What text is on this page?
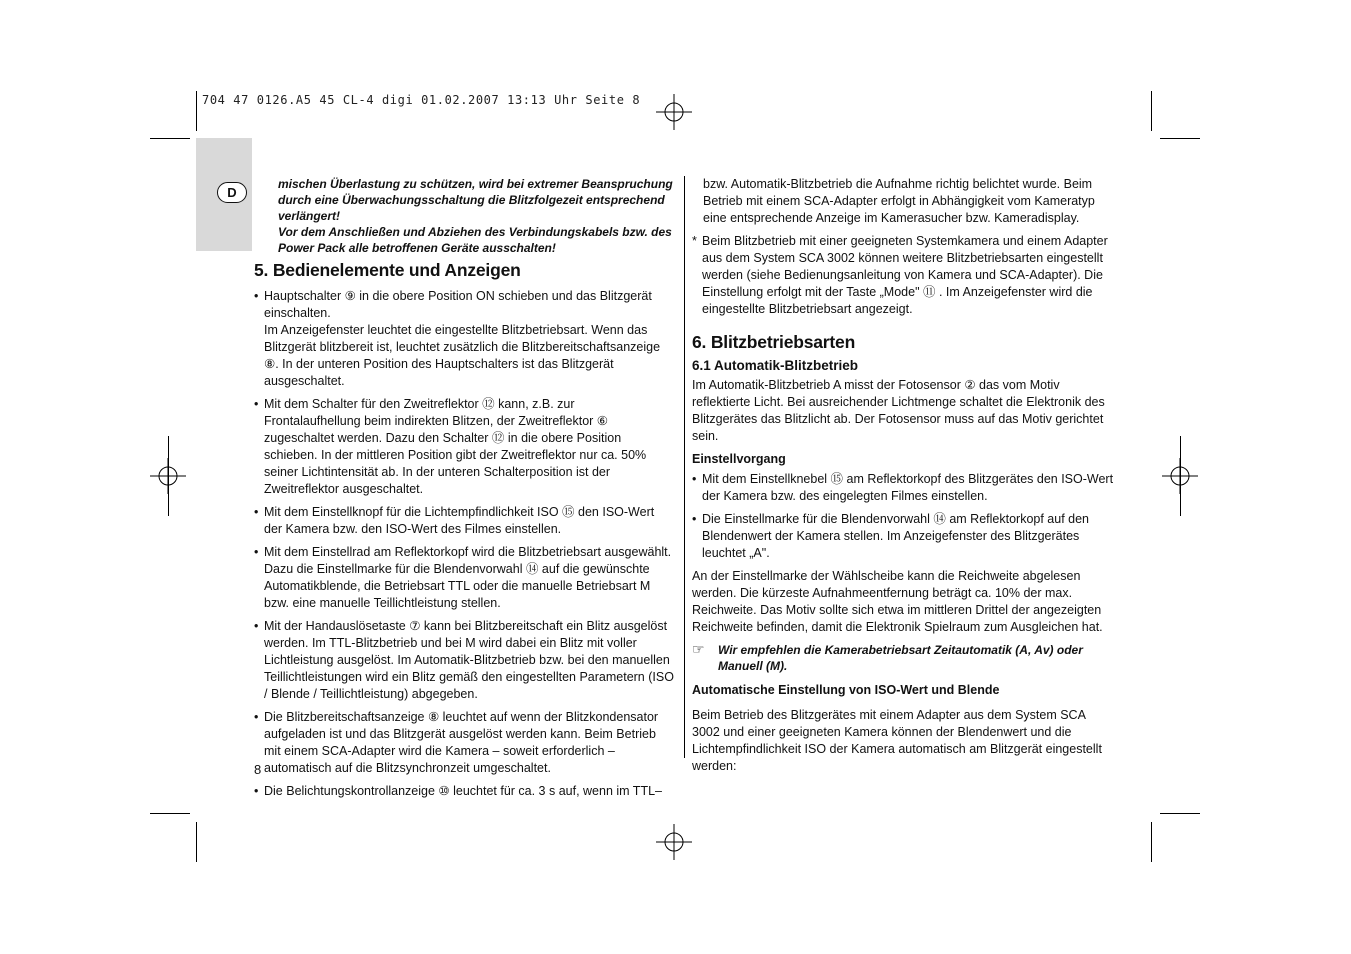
704 47 0126.A5 45 CL-4 digi 01.02.2007 13:13 Uhr Seite 8
D

mischen Überlastung zu schützen, wird bei extremer Beanspruchung durch eine Überwachungsschaltung die Blitzfolgezeit entsprechend verlängert!

Vor dem Anschließen und Abziehen des Verbindungskabels bzw. des Power Pack alle betroffenen Geräte ausschalten!

5. Bedienelemente und Anzeigen
• Hauptschalter ⑨ in die obere Position ON schieben und das Blitzgerät einschalten.
Im Anzeigefenster leuchtet die eingestellte Blitzbetriebsart. Wenn das Blitzgerät blitzbereit ist, leuchtet zusätzlich die Blitzbereitschaftsanzeige ⑧. In der unteren Position des Hauptschalters ist das Blitzgerät ausgeschaltet.
• Mit dem Schalter für den Zweitreflektor ⑫ kann, z.B. zur Frontalaufhellung beim indirekten Blitzen, der Zweitreflektor ⑥ zugeschaltet werden. Dazu den Schalter ⑫ in die obere Position schieben. In der mittleren Position gibt der Zweitreflektor nur ca. 50% seiner Lichtintensität ab. In der unteren Schalterposition ist der Zweitreflektor ausgeschaltet.
• Mit dem Einstellknopf für die Lichtempfindlichkeit ISO ⑮ den ISO-Wert der Kamera bzw. den ISO-Wert des Filmes einstellen.
• Mit dem Einstellrad am Reflektorkopf wird die Blitzbetriebsart ausgewählt. Dazu die Einstellmarke für die Blendenvorwahl ⑭ auf die gewünschte Automatikblende, die Betriebsart TTL oder die manuelle Betriebsart M bzw. eine manuelle Teillichtleistung stellen.
• Mit der Handauslösetaste ⑦ kann bei Blitzbereitschaft ein Blitz ausgelöst werden. Im TTL-Blitzbetrieb und bei M wird dabei ein Blitz mit voller Lichtleistung ausgelöst. Im Automatik-Blitzbetrieb bzw. bei den manuellen Teillichtleistungen wird ein Blitz gemäß den eingestellten Parametern (ISO / Blende / Teillichtleistung) abgegeben.
• Die Blitzbereitschaftsanzeige ⑧ leuchtet auf wenn der Blitzkondensator aufgeladen ist und das Blitzgerät ausgelöst werden kann. Beim Betrieb mit einem SCA-Adapter wird die Kamera – soweit erforderlich – automatisch auf die Blitzsynchronzeit umgeschaltet.
• Die Belichtungskontrollanzeige ⑩ leuchtet für ca. 3 s auf, wenn im TTL–
8

bzw. Automatik-Blitzbetrieb die Aufnahme richtig belichtet wurde. Beim Betrieb mit einem SCA-Adapter erfolgt in Abhängigkeit vom Kameratyp eine entsprechende Anzeige im Kamerasucher bzw. Kameradisplay.

* Beim Blitzbetrieb mit einer geeigneten Systemkamera und einem Adapter aus dem System SCA 3002 können weitere Blitzbetriebsarten eingestellt werden (siehe Bedienungsanleitung von Kamera und SCA-Adapter). Die Einstellung erfolgt mit der Taste „Mode" ⑪ . Im Anzeigefenster wird die eingestellte Blitzbetriebsart angezeigt.
6. Blitzbetriebsarten
6.1 Automatik-Blitzbetrieb

Im Automatik-Blitzbetrieb A misst der Fotosensor ② das vom Motiv reflektierte Licht. Bei ausreichender Lichtmenge schaltet die Elektronik des Blitzgerätes das Blitzlicht ab. Der Fotosensor muss auf das Motiv gerichtet sein.

Einstellvorgang
• Mit dem Einstellknebel ⑮ am Reflektorkopf des Blitzgerätes den ISO-Wert der Kamera bzw. des eingelegten Filmes einstellen.
• Die Einstellmarke für die Blendenvorwahl ⑭ am Reflektorkopf auf den Blendenwert der Kamera stellen. Im Anzeigefenster des Blitzgerätes leuchtet „A".

An der Einstellmarke der Wählscheibe kann die Reichweite abgelesen werden. Die kürzeste Aufnahmeentfernung beträgt ca. 10% der max. Reichweite. Das Motiv sollte sich etwa im mittleren Drittel der angezeigten Reichweite befinden, damit die Elektronik Spielraum zum Ausgleichen hat.

☞ Wir empfehlen die Kamerabetriebsart Zeitautomatik (A, Av) oder Manuell (M).
Automatische Einstellung von ISO-Wert und Blende

Beim Betrieb des Blitzgerätes mit einem Adapter aus dem System SCA 3002 und einer geeigneten Kamera können der Blendenwert und die Lichtempfindlichkeit ISO der Kamera automatisch am Blitzgerät eingestellt werden:
